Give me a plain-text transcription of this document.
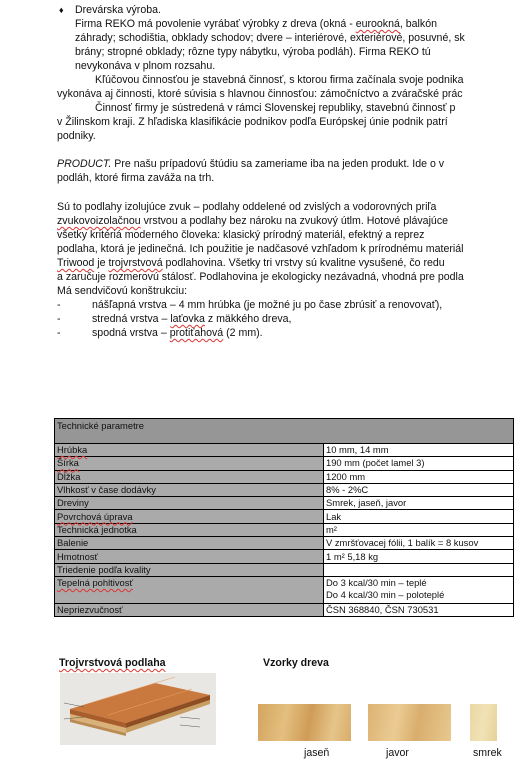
♦ Drevárska výroba.
Firma REKO má povolenie vyrábať výrobky z dreva (okná - eurookná, balkón
záhrady; schodištia, obklady schodov; dvere – interiérové, exteriérové, posuvné, sk
brány; stropné obklady; rôzne typy nábytku, výroba podláh). Firma REKO tú
nevykonáva v plnom rozsahu.
Kľúčovou činnosťou je stavebná činnosť, s ktorou firma začínala svoje podnika
vykonáva aj činnosti, ktoré súvisia s hlavnou činnosťou: zámočníctvo a zváračské prác
Činnosť firmy je sústredená v rámci Slovenskej republiky, stavebnú činnosť p
v Žilinskom kraji. Z hľadiska klasifikácie podnikov podľa Európskej únie podnik patrí
podniky.
PRODUCT. Pre našu prípadovú štúdiu sa zameriame iba na jeden produkt. Ide o v
podláh, ktoré firma zaváža na trh.
Sú to podlahy izolujúce zvuk – podlahy oddelené od zvislých a vodorovných priľa
zvukovoizolačnou vrstvou a podlahy bez nároku na zvukový útlm. Hotové plávajúce
všetky kritériá moderného človeka: klasický prírodný materiál, efektný a reprez
podlaha, ktorá je jedinečná. Ich použitie je nadčasové vzhľadom k prírodnému materiál
Triwood je trojvrstvová podlahovina. Všetky tri vrstvy sú kvalitne vysušené, čo redu
a zaručuje rozmerovú stálosť. Podlahovina je ekologicky nezávadná, vhodná pre podla
Má sendvičovú konštrukciu:
-	nášľapná vrstva – 4 mm hrúbka (je možné ju po čase zbrúsiť a renovovať),
-	stredná vrstva – laťovka z mäkkého dreva,
-	spodná vrstva – protiťahová (2 mm).
Technické parametre	
Hrúbka	10 mm, 14 mm
Šírka	190 mm (počet lamel 3)
Dĺžka	1200 mm
Vlhkosť v čase dodávky	8% - 2%C
Dreviny	Smrek, jaseň, javor
Povrchová úprava	Lak
Technická jednotka	m²
Balenie	V zmršťovacej fólii, 1 balík = 8 kusov
Hmotnosť	1 m² 5,18 kg
Triedenie podľa kvality	
Tepelná pohltivosť	Do 3 kcal/30 min – teplé
Do 4 kcal/30 min – poloteplé

Nepriezvučnosť	ČSN 368840, ČSN 730531
Trojvrstvová podlaha	Vzorky dreva
jaseň	javor	smrek
